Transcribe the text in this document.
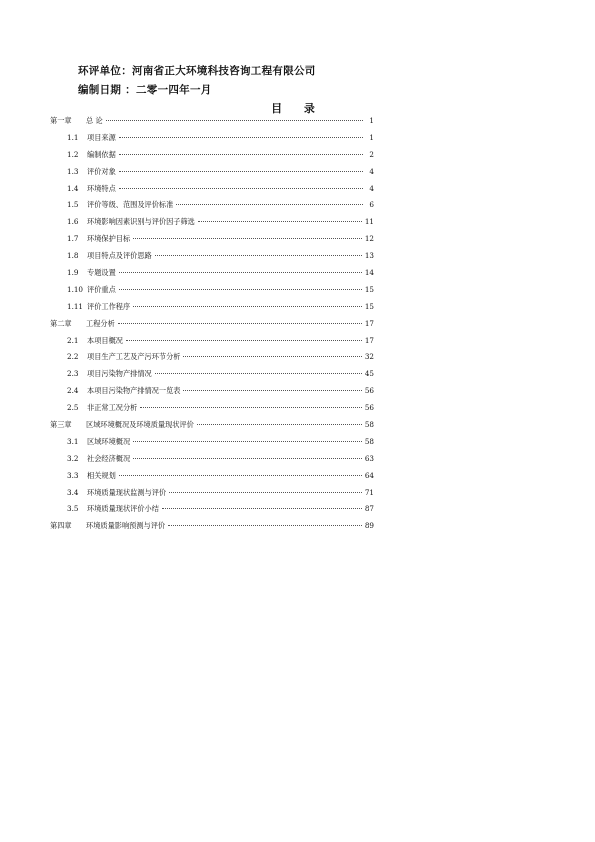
环评单位：河南省正大环境科技咨询工程有限公司
编制日期 ：二零一四年一月
目 录
第一章	总 论	1
1.1	项目来源	1
1.2	编制依据	2
1.3	评价对象	4
1.4	环境特点	4
1.5	评价等级、范围及评价标准	6
1.6	环境影响因素识别与评价因子筛选	11
1.7	环境保护目标	12
1.8	项目特点及评价思路	13
1.9	专题设置	14
1.10 评价重点	15
1.11 评价工作程序	15
第二章	工程分析	17
2.1	本项目概况	17
2.2	项目生产工艺及产污环节分析	32
2.3	项目污染物产排情况	45
2.4	本项目污染物产排情况一览表	56
2.5	非正常工况分析	56
第三章	区域环境概况及环境质量现状评价	58
3.1	区域环境概况	58
3.2	社会经济概况	63
3.3	相关规划	64
3.4	环境质量现状监测与评价	71
3.5	环境质量现状评价小结	87
第四章	环境质量影响预测与评价	89
